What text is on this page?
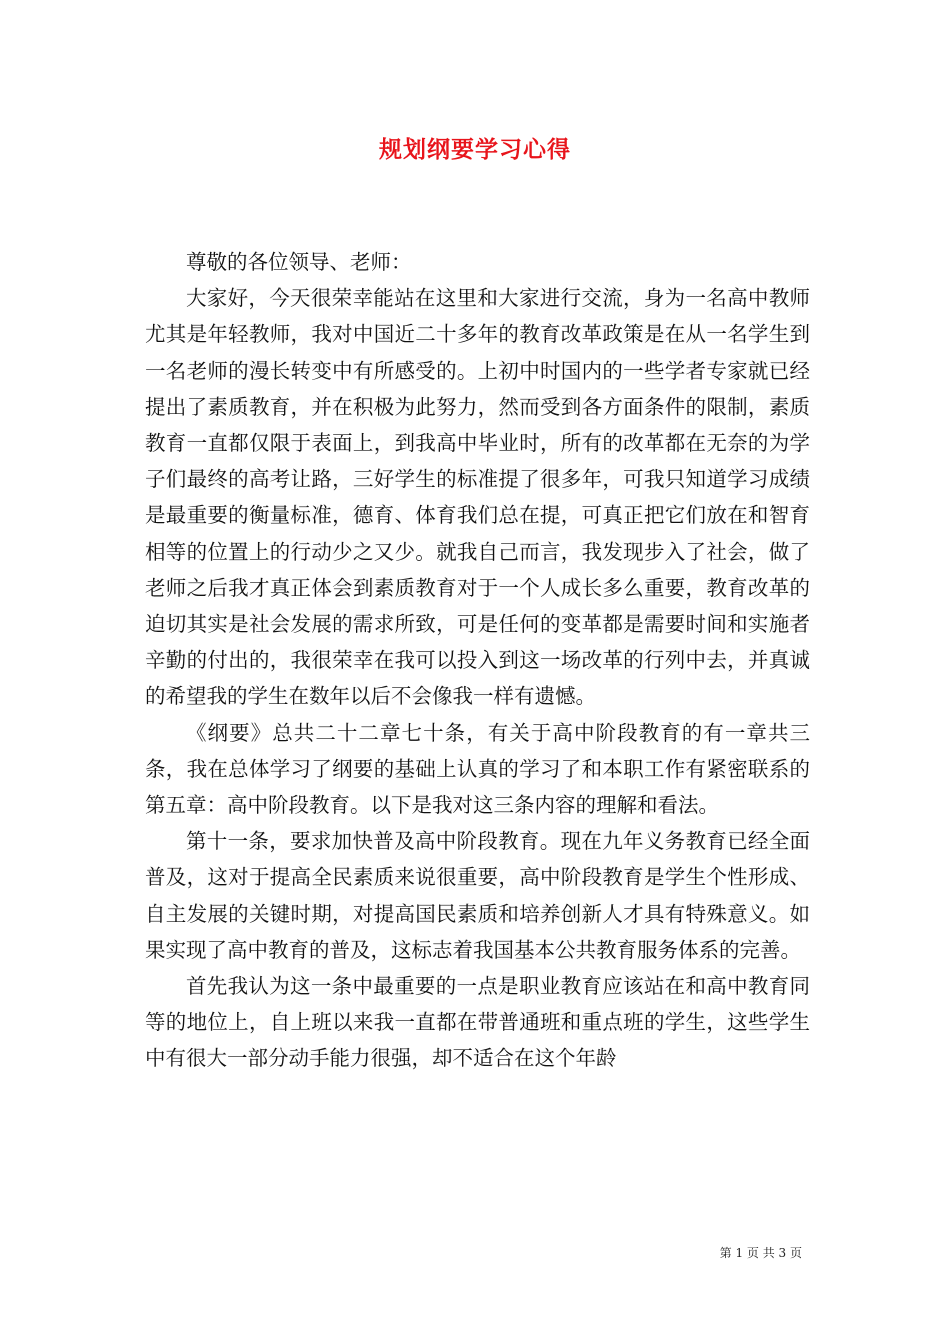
规划纲要学习心得

尊敬的各位领导、老师：

大家好，今天很荣幸能站在这里和大家进行交流，身为一名高中教师尤其是年轻教师，我对中国近二十多年的教育改革政策是在从一名学生到一名老师的漫长转变中有所感受的。上初中时国内的一些学者专家就已经提出了素质教育，并在积极为此努力，然而受到各方面条件的限制，素质教育一直都仅限于表面上，到我高中毕业时，所有的改革都在无奈的为学子们最终的高考让路，三好学生的标准提了很多年，可我只知道学习成绩是最重要的衡量标准，德育、体育我们总在提，可真正把它们放在和智育相等的位置上的行动少之又少。就我自己而言，我发现步入了社会，做了老师之后我才真正体会到素质教育对于一个人成长多么重要，教育改革的迫切其实是社会发展的需求所致，可是任何的变革都是需要时间和实施者辛勤的付出的，我很荣幸在我可以投入到这一场改革的行列中去，并真诚的希望我的学生在数年以后不会像我一样有遗憾。

《纲要》总共二十二章七十条，有关于高中阶段教育的有一章共三条，我在总体学习了纲要的基础上认真的学习了和本职工作有紧密联系的第五章：高中阶段教育。以下是我对这三条内容的理解和看法。

第十一条，要求加快普及高中阶段教育。现在九年义务教育已经全面普及，这对于提高全民素质来说很重要，高中阶段教育是学生个性形成、自主发展的关键时期，对提高国民素质和培养创新人才具有特殊意义。如果实现了高中教育的普及，这标志着我国基本公共教育服务体系的完善。

首先我认为这一条中最重要的一点是职业教育应该站在和高中教育同等的地位上，自上班以来我一直都在带普通班和重点班的学生，这些学生中有很大一部分动手能力很强，却不适合在这个年龄

第 1 页 共 3 页
